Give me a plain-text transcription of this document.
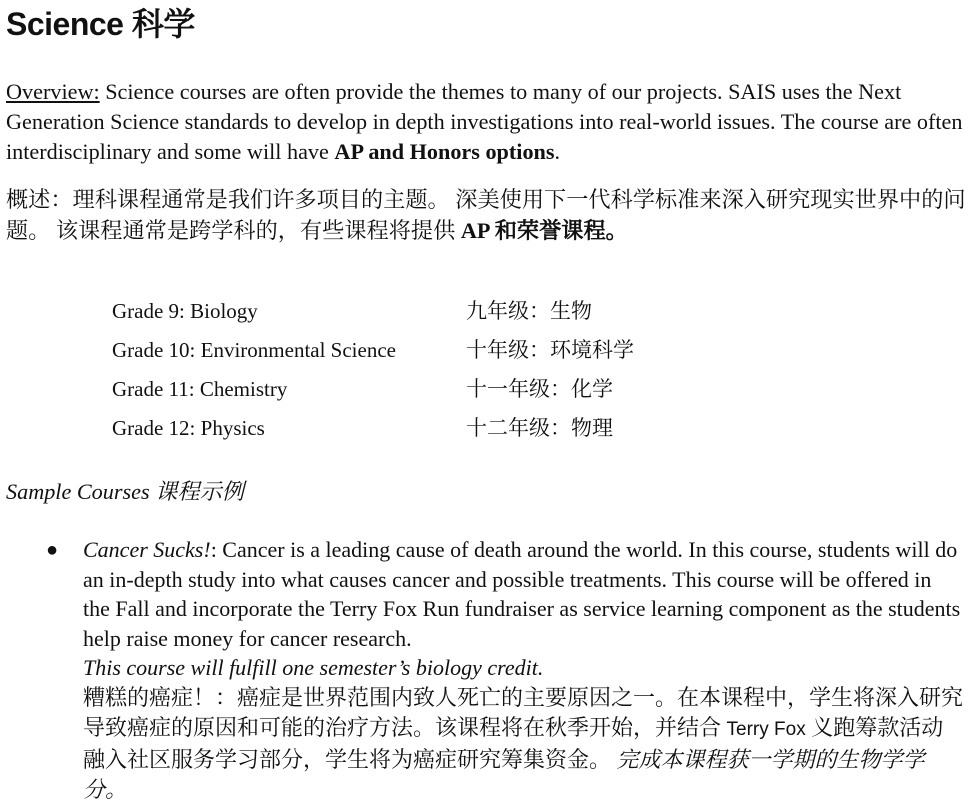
Science 科学

Overview: Science courses are often provide the themes to many of our projects. SAIS uses the Next Generation Science standards to develop in depth investigations into real-world issues. The course are often interdisciplinary and some will have AP and Honors options.

概述：理科课程通常是我们许多项目的主题。 深美使用下一代科学标准来深入研究现实世界中的问题。 该课程通常是跨学科的，有些课程将提供 AP 和荣誉课程。

Grade 9: Biology	九年级：生物
Grade 10: Environmental Science	十年级：环境科学
Grade 11: Chemistry	十一年级：化学
Grade 12: Physics	十二年级：物理
Sample Courses 课程示例
● Cancer Sucks!: Cancer is a leading cause of death around the world. In this course, students will do an in-depth study into what causes cancer and possible treatments. This course will be offered in the Fall and incorporate the Terry Fox Run fundraiser as service learning component as the students help raise money for cancer research.
This course will fulfill one semester’s biology credit.
糟糕的癌症！：癌症是世界范围内致人死亡的主要原因之一。在本课程中，学生将深入研究导致癌症的原因和可能的治疗方法。该课程将在秋季开始，并结合 Terry Fox 义跑筹款活动融入社区服务学习部分，学生将为癌症研究筹集资金。 完成本课程获一学期的生物学学分。
